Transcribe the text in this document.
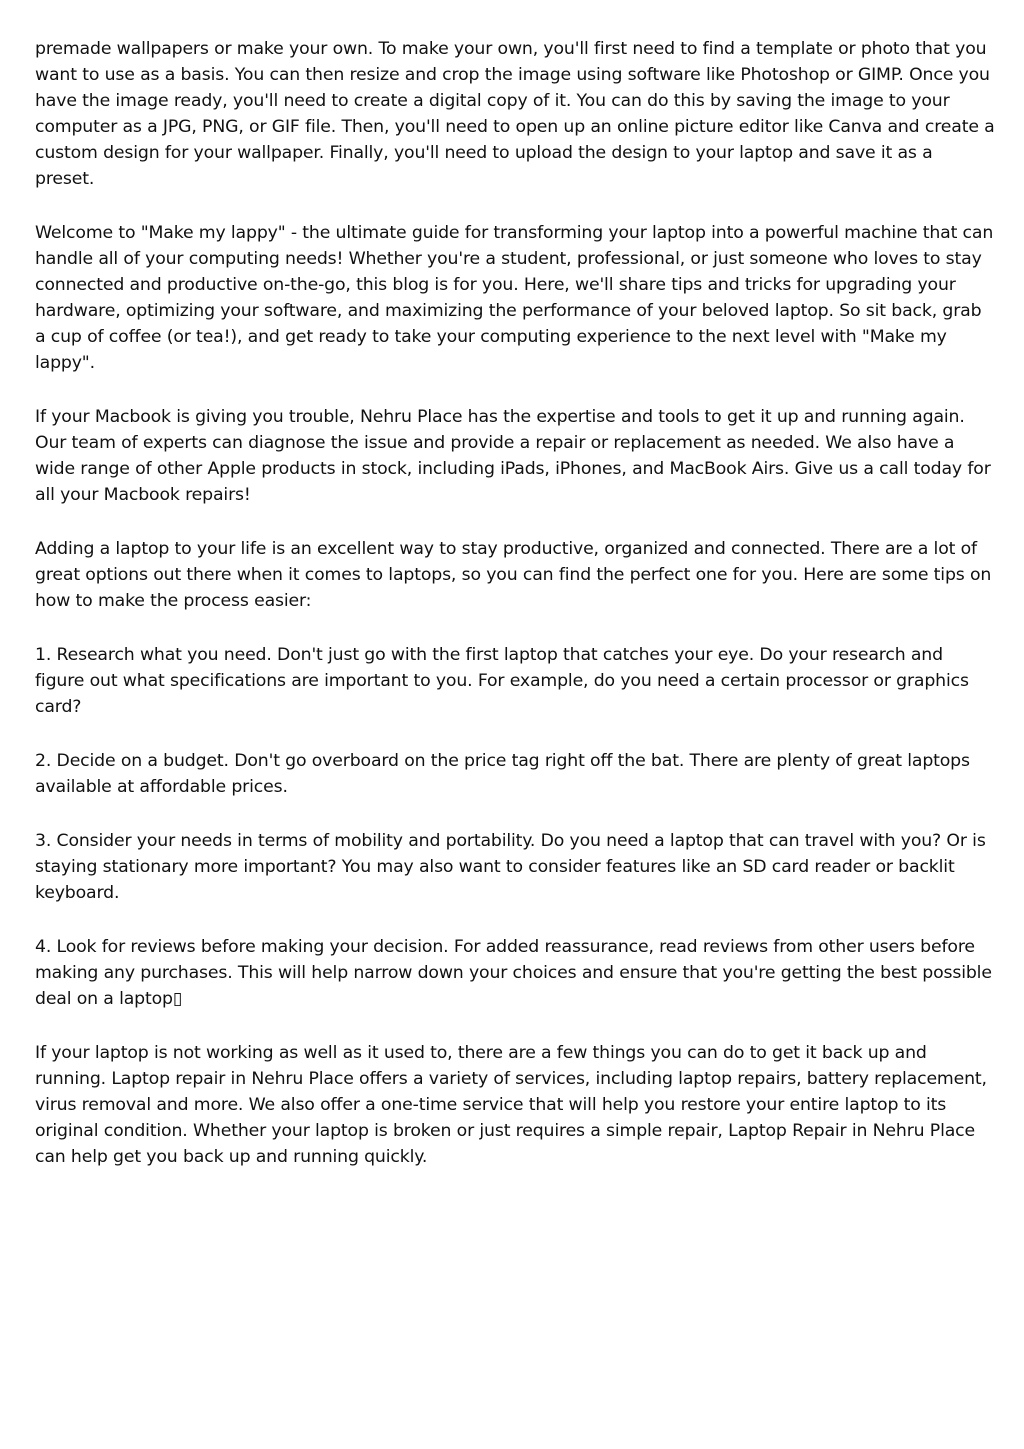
premade wallpapers or make your own. To make your own, you'll first need to find a template or photo that you want to use as a basis. You can then resize and crop the image using software like Photoshop or GIMP. Once you have the image ready, you'll need to create a digital copy of it. You can do this by saving the image to your computer as a JPG, PNG, or GIF file. Then, you'll need to open up an online picture editor like Canva and create a custom design for your wallpaper. Finally, you'll need to upload the design to your laptop and save it as a preset.

Welcome to "Make my lappy" - the ultimate guide for transforming your laptop into a powerful machine that can handle all of your computing needs! Whether you're a student, professional, or just someone who loves to stay connected and productive on-the-go, this blog is for you. Here, we'll share tips and tricks for upgrading your hardware, optimizing your software, and maximizing the performance of your beloved laptop. So sit back, grab a cup of coffee (or tea!), and get ready to take your computing experience to the next level with "Make my lappy".

If your Macbook is giving you trouble, Nehru Place has the expertise and tools to get it up and running again. Our team of experts can diagnose the issue and provide a repair or replacement as needed. We also have a wide range of other Apple products in stock, including iPads, iPhones, and MacBook Airs. Give us a call today for all your Macbook repairs!

Adding a laptop to your life is an excellent way to stay productive, organized and connected. There are a lot of great options out there when it comes to laptops, so you can find the perfect one for you. Here are some tips on how to make the process easier:

1. Research what you need. Don't just go with the first laptop that catches your eye. Do your research and figure out what specifications are important to you. For example, do you need a certain processor or graphics card?

2. Decide on a budget. Don't go overboard on the price tag right off the bat. There are plenty of great laptops available at affordable prices.

3. Consider your needs in terms of mobility and portability. Do you need a laptop that can travel with you? Or is staying stationary more important? You may also want to consider features like an SD card reader or backlit keyboard.

4. Look for reviews before making your decision. For added reassurance, read reviews from other users before making any purchases. This will help narrow down your choices and ensure that you're getting the best possible deal on a laptop▯

If your laptop is not working as well as it used to, there are a few things you can do to get it back up and running. Laptop repair in Nehru Place offers a variety of services, including laptop repairs, battery replacement, virus removal and more. We also offer a one-time service that will help you restore your entire laptop to its original condition. Whether your laptop is broken or just requires a simple repair, Laptop Repair in Nehru Place can help get you back up and running quickly.
